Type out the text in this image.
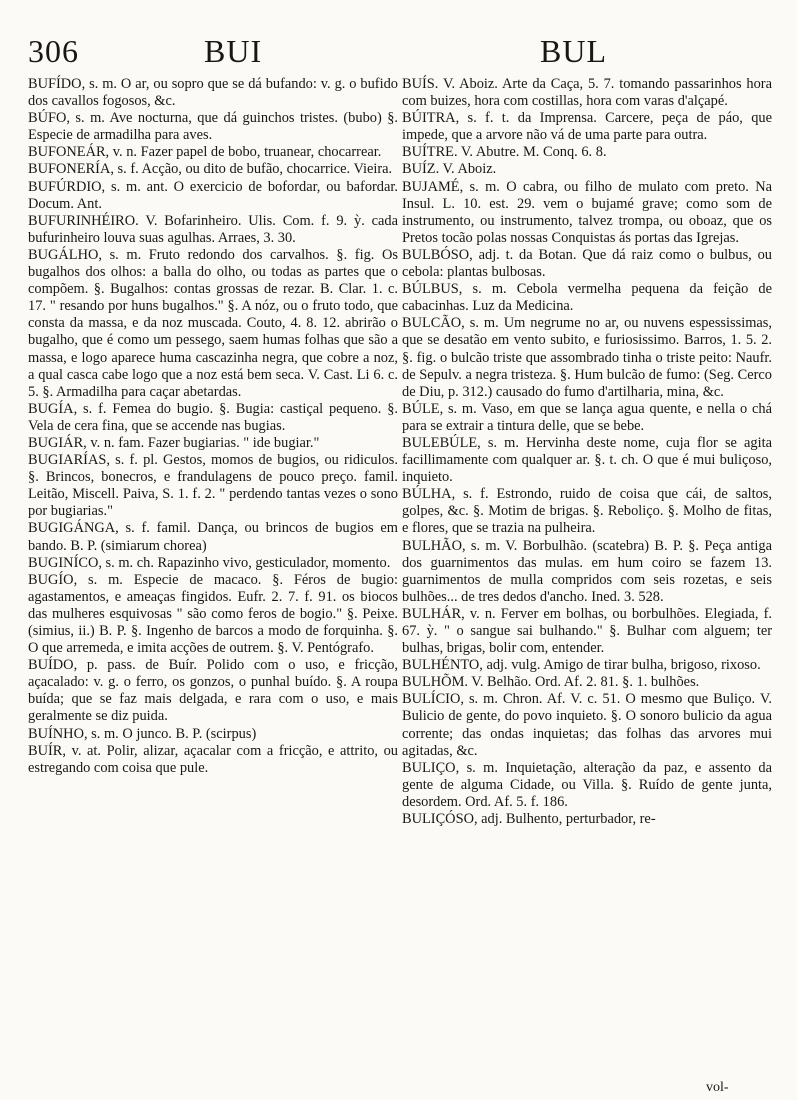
306	BUI	BUL
BUFÍDO, s. m. O ar, ou sopro que se dá bufando: v. g. o bufido dos cavallos fogosos, &c.
BÚFO, s. m. Ave nocturna, que dá guinchos tristes. (bubo) §. Especie de armadilha para aves.
BUFONEÁR, v. n. Fazer papel de bobo, truanear, chocarrear.
BUFONERÍA, s. f. Acção, ou dito de bufão, chocarrice. Vieira.
BUFÚRDIO, s. m. ant. O exercicio de bofordar, ou bafordar. Docum. Ant.
BUFURINHÉIRO. V. Bofarinheiro. Ulis. Com. f. 9. ỳ. cada bufurinheiro louva suas agulhas. Arraes, 3. 30.
BUGÁLHO, s. m. Fruto redondo dos carvalhos. §. fig. Os bugalhos dos olhos: a balla do olho, ou todas as partes que o compõem. §. Bugalhos: contas grossas de rezar. B. Clar. 1. c. 17. " resando por huns bugalhos." §. A nóz, ou o fruto todo, que consta da massa, e da noz muscada. Couto, 4. 8. 12. abrirão o bugalho, que é como um pessego, saem humas folhas que são a massa, e logo aparece huma cascazinha negra, que cobre a noz, a qual casca cabe logo que a noz está bem seca. V. Cast. Li 6. c. 5. §. Armadilha para caçar abetardas.
BUGÍA, s. f. Femea do bugio. §. Bugia: castiçal pequeno. §. Vela de cera fina, que se accende nas bugias.
BUGIÁR, v. n. fam. Fazer bugiarias. " ide bugiar."
BUGIARÍAS, s. f. pl. Gestos, momos de bugios, ou ridiculos. §. Brincos, bonecros, e frandulagens de pouco preço. famil. Leitão, Miscell. Paiva, S. 1. f. 2. " perdendo tantas vezes o sono por bugiarias."
BUGIGÁNGA, s. f. famil. Dança, ou brincos de bugios em bando. B. P. (simiarum chorea)
BUGINÍCO, s. m. ch. Rapazinho vivo, gesticulador, momento.
BUGÍO, s. m. Especie de macaco. §. Féros de bugio: agastamentos, e ameaças fingidos. Eufr. 2. 7. f. 91. os biocos das mulheres esquivosas " são como feros de bogio." §. Peixe. (simius, ii.) B. P. §. Ingenho de barcos a modo de forquinha. §. O que arremeda, e imita acções de outrem. §. V. Pentógrafo.
BUÍDO, p. pass. de Buír. Polido com o uso, e fricção, açacalado: v. g. o ferro, os gonzos, o punhal buído. §. A roupa buída; que se faz mais delgada, e rara com o uso, e mais geralmente se diz puida.
BUÍNHO, s. m. O junco. B. P. (scirpus)
BUÍR, v. at. Polir, alizar, açacalar com a fricção, e attrito, ou estregando com coisa que pule.
BUÍS. V. Aboiz. Arte da Caça, 5. 7. tomando passarinhos hora com buizes, hora com costillas, hora com varas d'alçapé.
BÚITRA, s. f. t. da Imprensa. Carcere, peça de páo, que impede, que a arvore não vá de uma parte para outra.
BUÍTRE. V. Abutre. M. Conq. 6. 8.
BUÍZ. V. Aboiz.
BUJAMÉ, s. m. O cabra, ou filho de mulato com preto. Na Insul. L. 10. est. 29. vem o bujamé grave; como som de instrumento, ou instrumento, talvez trompa, ou oboaz, que os Pretos tocão polas nossas Conquistas ás portas das Igrejas.
BULBÓSO, adj. t. da Botan. Que dá raiz como o bulbus, ou cebola: plantas bulbosas.
BÚLBUS, s. m. Cebola vermelha pequena da feição de cabacinhas. Luz da Medicina.
BULCÃO, s. m. Um negrume no ar, ou nuvens espessissimas, que se desatão em vento subito, e furiosissimo. Barros, 1. 5. 2. §. fig. o bulcão triste que assombrado tinha o triste peito: Naufr. de Sepulv. a negra tristeza. §. Hum bulcão de fumo: (Seg. Cerco de Diu, p. 312.) causado do fumo d'artilharia, mina, &c.
BÚLE, s. m. Vaso, em que se lança agua quente, e nella o chá para se extrair a tintura delle, que se bebe.
BULEBÚLE, s. m. Hervinha deste nome, cuja flor se agita facillimamente com qualquer ar. §. t. ch. O que é mui buliçoso, inquieto.
BÚLHA, s. f. Estrondo, ruido de coisa que cái, de saltos, golpes, &c. §. Motim de brigas. §. Reboliço. §. Molho de fitas, e flores, que se trazia na pulheira.
BULHÃO, s. m. V. Borbulhão. (scatebra) B. P. §. Peça antiga dos guarnimentos das mulas. em hum coiro se fazem 13. guarnimentos de mulla compridos com seis rozetas, e seis bulhões... de tres dedos d'ancho. Ined. 3. 528.
BULHÁR, v. n. Ferver em bolhas, ou borbulhões. Elegiada, f. 67. ỳ. " o sangue sai bulhando." §. Bulhar com alguem; ter bulhas, brigas, bolir com, entender.
BULHÉNTO, adj. vulg. Amigo de tirar bulha, brigoso, rixoso.
BULHÕM. V. Belhão. Ord. Af. 2. 81. §. 1. bulhões.
BULÍCIO, s. m. Chron. Af. V. c. 51. O mesmo que Buliço. V. Bulicio de gente, do povo inquieto. §. O sonoro bulicio da agua corrente; das ondas inquietas; das folhas das arvores mui agitadas, &c.
BULIÇO, s. m. Inquietação, alteração da paz, e assento da gente de alguma Cidade, ou Villa. §. Ruído de gente junta, desordem. Ord. Af. 5. f. 186.
BULIÇÓSO, adj. Bulhento, perturbador, re-
vol-
